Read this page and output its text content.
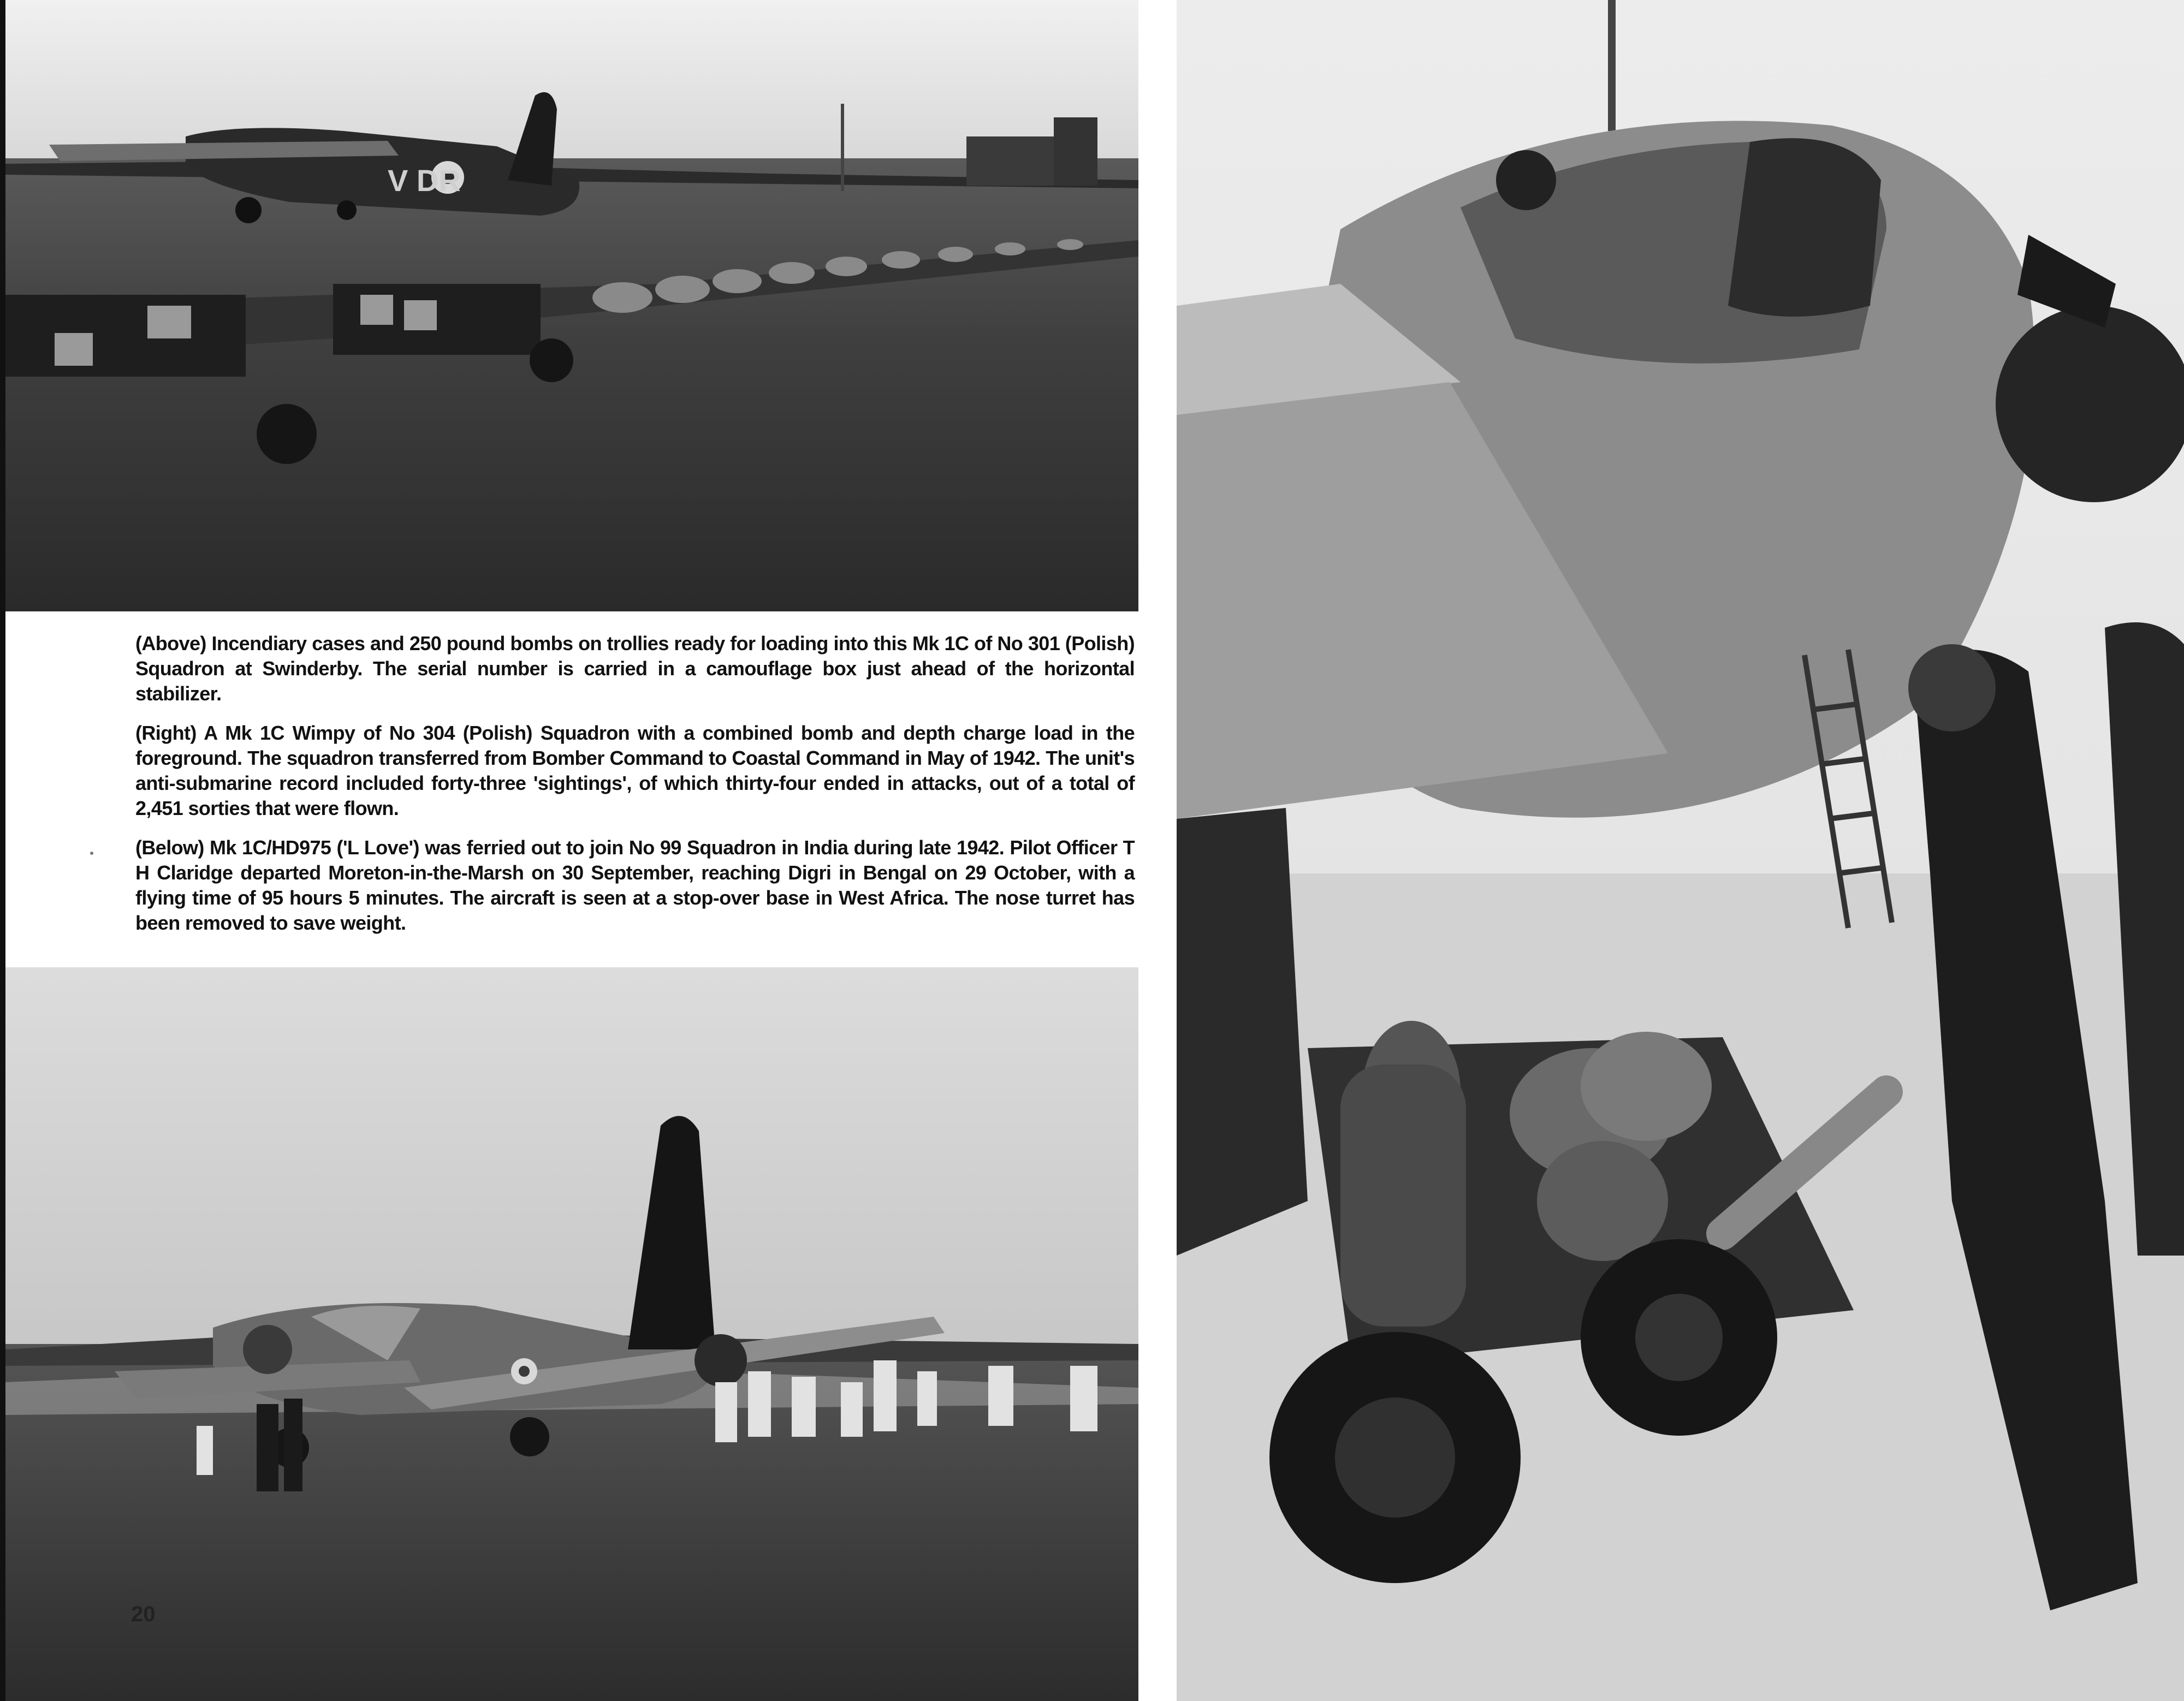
V DR

(Above) Incendiary cases and 250 pound bombs on trollies ready for loading into this Mk 1C of No 301 (Polish) Squadron at Swinderby. The serial number is carried in a camouflage box just ahead of the horizontal stabilizer.

(Right) A Mk 1C Wimpy of No 304 (Polish) Squadron with a combined bomb and depth charge load in the foreground. The squadron transferred from Bomber Command to Coastal Command in May of 1942. The unit's anti-submarine record included forty-three 'sightings', of which thirty-four ended in attacks, out of a total of 2,451 sorties that were flown.

(Below) Mk 1C/HD975 ('L Love') was ferried out to join No 99 Squadron in India during late 1942. Pilot Officer T H Claridge departed Moreton-in-the-Marsh on 30 September, reaching Digri in Bengal on 29 October, with a flying time of 95 hours 5 minutes. The aircraft is seen at a stop-over base in West Africa. The nose turret has been removed to save weight.

20
